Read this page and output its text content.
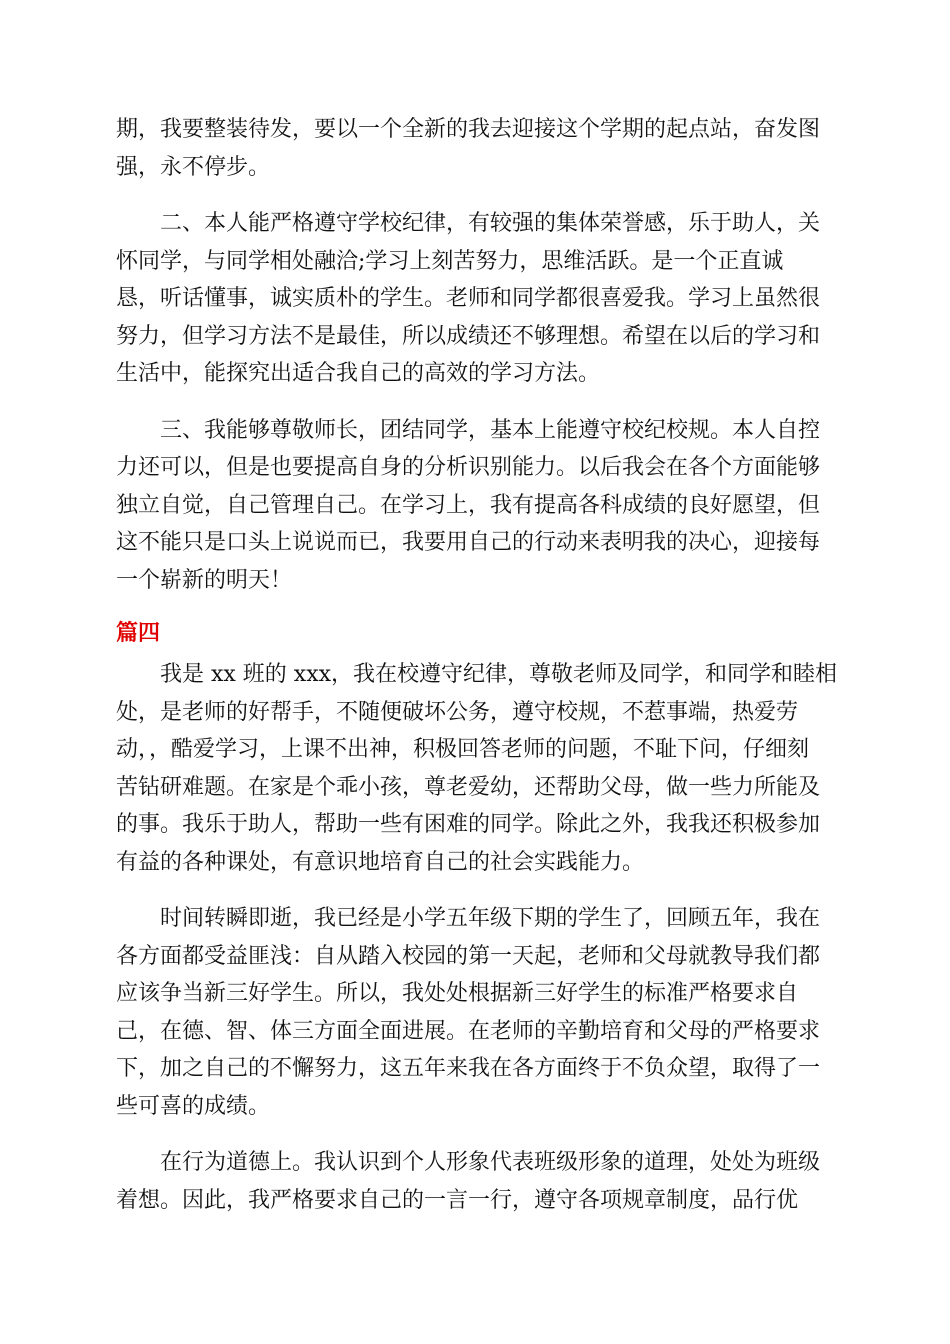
期，我要整装待发，要以一个全新的我去迎接这个学期的起点站，奋发图
强，永不停步。
二、本人能严格遵守学校纪律，有较强的集体荣誉感，乐于助人，关
怀同学，与同学相处融洽;学习上刻苦努力，思维活跃。是一个正直诚
恳，听话懂事，诚实质朴的学生。老师和同学都很喜爱我。学习上虽然很
努力，但学习方法不是最佳，所以成绩还不够理想。希望在以后的学习和
生活中，能探究出适合我自己的高效的学习方法。
三、我能够尊敬师长，团结同学，基本上能遵守校纪校规。本人自控
力还可以，但是也要提高自身的分析识别能力。以后我会在各个方面能够
独立自觉，自己管理自己。在学习上，我有提高各科成绩的良好愿望，但
这不能只是口头上说说而已，我要用自己的行动来表明我的决心，迎接每
一个崭新的明天！
篇四
我是 xx 班的 xxx，我在校遵守纪律，尊敬老师及同学，和同学和睦相
处，是老师的好帮手，不随便破坏公务，遵守校规，不惹事端，热爱劳
动，，酷爱学习，上课不出神，积极回答老师的问题，不耻下问，仔细刻
苦钻研难题。在家是个乖小孩，尊老爱幼，还帮助父母，做一些力所能及
的事。我乐于助人，帮助一些有困难的同学。除此之外，我我还积极参加
有益的各种课处，有意识地培育自己的社会实践能力。
时间转瞬即逝，我已经是小学五年级下期的学生了，回顾五年，我在
各方面都受益匪浅：自从踏入校园的第一天起，老师和父母就教导我们都
应该争当新三好学生。所以，我处处根据新三好学生的标准严格要求自
己，在德、智、体三方面全面进展。在老师的辛勤培育和父母的严格要求
下，加之自己的不懈努力，这五年来我在各方面终于不负众望，取得了一
些可喜的成绩。
在行为道德上。我认识到个人形象代表班级形象的道理，处处为班级
着想。因此，我严格要求自己的一言一行，遵守各项规章制度，品行优
